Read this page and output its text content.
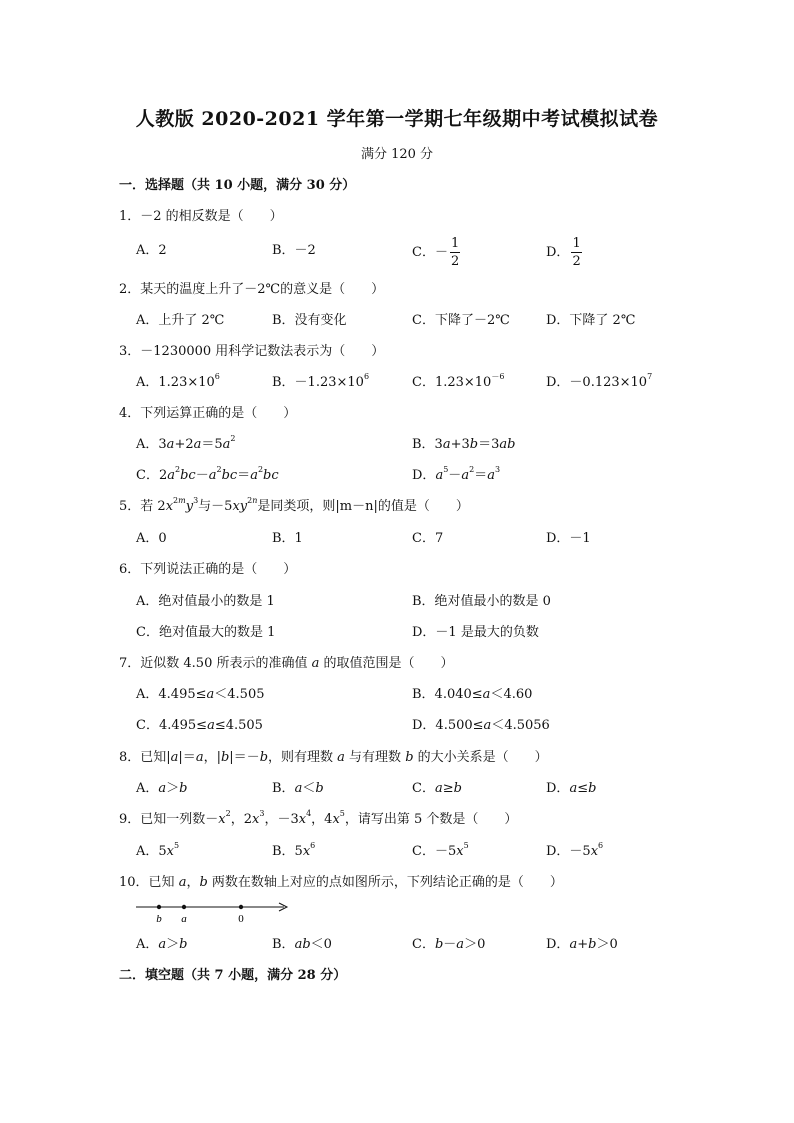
人教版 2020-2021 学年第一学期七年级期中考试模拟试卷
满分 120 分
一．选择题（共 10 小题，满分 30 分）
1．－2 的相反数是（　　）
A．2	B．－2	C．－ $\frac{1}{2}$	D． $\frac{1}{2}$
2．某天的温度上升了－2℃的意义是（　　）
A．上升了 2℃	B．没有变化	C．下降了－2℃	D．下降了 2℃
3．－1230000 用科学记数法表示为（　　）
A．$1.23\times 10^6$	B．$-1.23\times 10^6$	C．$1.23\times 10^{-6}$	D．$-0.123\times 10^7$
4．下列运算正确的是（　　）
A．$3a+2a=5a^2$	B．3a+3b＝3ab
C．$2a^2bc-a^2bc=a^2bc$	D．$a^5-a^2=a^3$
5．若 $2x^{2m}y^3$与$-5xy^{2n}$是同类项，则|m－n|的值是（　　）
A．0	B．1	C．7	D．－1
6．下列说法正确的是（　　）
A．绝对值最小的数是 1	B．绝对值最小的数是 0
C．绝对值最大的数是 1	D．－1 是最大的负数
7．近似数 4.50 所表示的准确值 a 的取值范围是（　　）
A．4.495≤a＜4.505	B．4.040≤a＜4.60
C．4.495≤a≤4.505	D．4.500≤a＜4.5056
8．已知|a|＝a，|b|＝－b，则有理数 a 与有理数 b 的大小关系是（　　）
A．a＞b	B．a＜b	C．a≥b	D．a≤b
9．已知一列数$-x^2$，$2x^3$，$-3x^4$，$4x^5$，请写出第 5 个数是（　　）
A．$5x^5$	B．$5x^6$	C．$-5x^5$	D．$-5x^6$
10．已知 a，b 两数在数轴上对应的点如图所示，下列结论正确的是（　　）
b a	0
A．a＞b	B．ab＜0	C．b－a＞0	D．a+b＞0
二．填空题（共 7 小题，满分 28 分）
